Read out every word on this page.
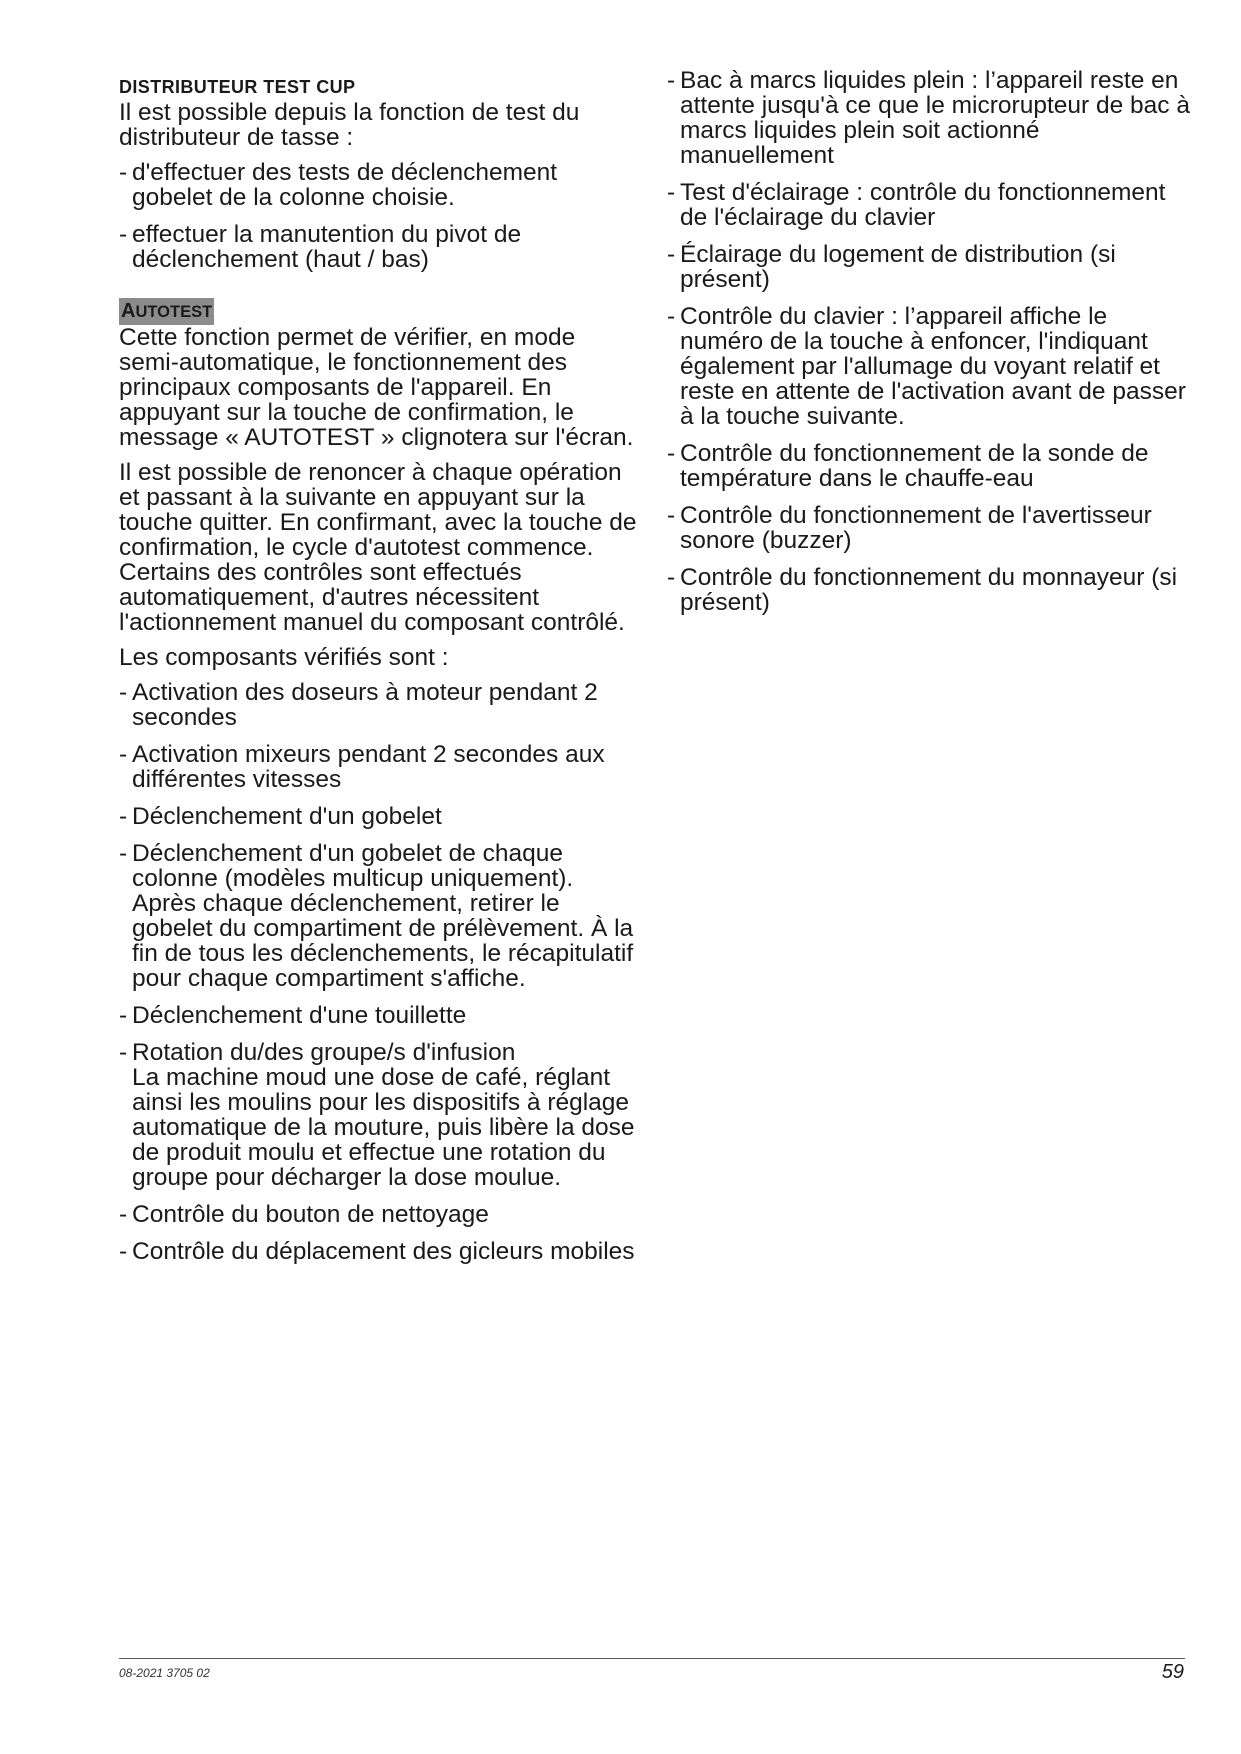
DISTRIBUTEUR TEST CUP

Il est possible depuis la fonction de test du distributeur de tasse :

- d'effectuer des tests de déclenchement gobelet de la colonne choisie.
- effectuer la manutention du pivot de déclenchement (haut / bas)
AUTOTEST

Cette fonction permet de vérifier, en mode semi-automatique, le fonctionnement des principaux composants de l'appareil. En appuyant sur la touche de confirmation, le message « AUTOTEST » clignotera sur l'écran.

Il est possible de renoncer à chaque opération et passant à la suivante en appuyant sur la touche quitter. En confirmant, avec la touche de confirmation, le cycle d'autotest commence. Certains des contrôles sont effectués automatiquement, d'autres nécessitent l'actionnement manuel du composant contrôlé.

Les composants vérifiés sont :

- Activation des doseurs à moteur pendant 2 secondes
- Activation mixeurs pendant 2 secondes aux différentes vitesses
- Déclenchement d'un gobelet
- Déclenchement d'un gobelet de chaque colonne (modèles multicup uniquement). Après chaque déclenchement, retirer le gobelet du compartiment de prélèvement. À la fin de tous les déclenchements, le récapitulatif pour chaque compartiment s'affiche.
- Déclenchement d'une touillette
- Rotation du/des groupe/s d'infusion
La machine moud une dose de café, réglant ainsi les moulins pour les dispositifs à réglage automatique de la mouture, puis libère la dose de produit moulu et effectue une rotation du groupe pour décharger la dose moulue.
- Contrôle du bouton de nettoyage
- Contrôle du déplacement des gicleurs mobiles
- Bac à marcs liquides plein : l’appareil reste en attente jusqu'à ce que le microrupteur de bac à marcs liquides plein soit actionné manuellement
- Test d'éclairage : contrôle du fonctionnement de l'éclairage du clavier
- Éclairage du logement de distribution (si présent)
- Contrôle du clavier : l’appareil affiche le numéro de la touche à enfoncer, l'indiquant également par l'allumage du voyant relatif et reste en attente de l'activation avant de passer à la touche suivante.
- Contrôle du fonctionnement de la sonde de température dans le chauffe-eau
- Contrôle du fonctionnement de l'avertisseur sonore (buzzer)
- Contrôle du fonctionnement du monnayeur (si présent)
08-2021 3705 02	59
